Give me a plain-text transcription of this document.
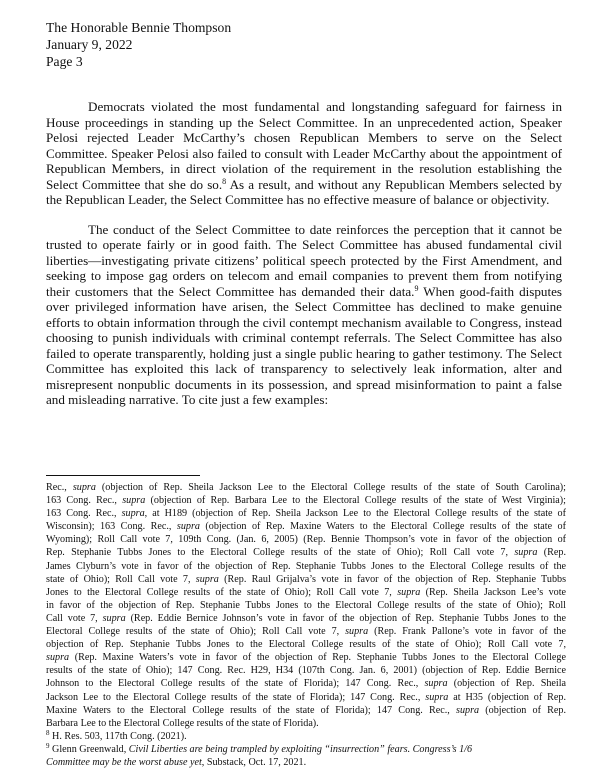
The Honorable Bennie Thompson
January 9, 2022
Page 3

Democrats violated the most fundamental and longstanding safeguard for fairness in House proceedings in standing up the Select Committee. In an unprecedented action, Speaker Pelosi rejected Leader McCarthy’s chosen Republican Members to serve on the Select Committee. Speaker Pelosi also failed to consult with Leader McCarthy about the appointment of Republican Members, in direct violation of the requirement in the resolution establishing the Select Committee that she do so.$^8$ As a result, and without any Republican Members selected by the Republican Leader, the Select Committee has no effective measure of balance or objectivity.

The conduct of the Select Committee to date reinforces the perception that it cannot be trusted to operate fairly or in good faith. The Select Committee has abused fundamental civil liberties—investigating private citizens’ political speech protected by the First Amendment, and seeking to impose gag orders on telecom and email companies to prevent them from notifying their customers that the Select Committee has demanded their data.$^9$ When good-faith disputes over privileged information have arisen, the Select Committee has declined to make genuine efforts to obtain information through the civil contempt mechanism available to Congress, instead choosing to punish individuals with criminal contempt referrals. The Select Committee has also failed to operate transparently, holding just a single public hearing to gather testimony. The Select Committee has exploited this lack of transparency to selectively leak information, alter and misrepresent nonpublic documents in its possession, and spread misinformation to paint a false and misleading narrative. To cite just a few examples:

Rec., supra (objection of Rep. Sheila Jackson Lee to the Electoral College results of the state of South Carolina);
163 Cong. Rec., supra (objection of Rep. Barbara Lee to the Electoral College results of the state of West Virginia);
163 Cong. Rec., supra, at H189 (objection of Rep. Sheila Jackson Lee to the Electoral College results of the state of
Wisconsin); 163 Cong. Rec., supra (objection of Rep. Maxine Waters to the Electoral College results of the state of
Wyoming); Roll Call vote 7, 109th Cong. (Jan. 6, 2005) (Rep. Bennie Thompson’s vote in favor of the objection of
Rep. Stephanie Tubbs Jones to the Electoral College results of the state of Ohio); Roll Call vote 7, supra (Rep.
James Clyburn’s vote in favor of the objection of Rep. Stephanie Tubbs Jones to the Electoral College results of the
state of Ohio); Roll Call vote 7, supra (Rep. Raul Grijalva’s vote in favor of the objection of Rep. Stephanie Tubbs
Jones to the Electoral College results of the state of Ohio); Roll Call vote 7, supra (Rep. Sheila Jackson Lee’s vote
in favor of the objection of Rep. Stephanie Tubbs Jones to the Electoral College results of the state of Ohio); Roll
Call vote 7, supra (Rep. Eddie Bernice Johnson’s vote in favor of the objection of Rep. Stephanie Tubbs Jones to the
Electoral College results of the state of Ohio); Roll Call vote 7, supra (Rep. Frank Pallone’s vote in favor of the
objection of Rep. Stephanie Tubbs Jones to the Electoral College results of the state of Ohio); Roll Call vote 7,
supra (Rep. Maxine Waters’s vote in favor of the objection of Rep. Stephanie Tubbs Jones to the Electoral College
results of the state of Ohio); 147 Cong. Rec. H29, H34 (107th Cong. Jan. 6, 2001) (objection of Rep. Eddie Bernice
Johnson to the Electoral College results of the state of Florida); 147 Cong. Rec., supra (objection of Rep. Sheila
Jackson Lee to the Electoral College results of the state of Florida); 147 Cong. Rec., supra at H35 (objection of Rep.
Maxine Waters to the Electoral College results of the state of Florida); 147 Cong. Rec., supra (objection of Rep.
Barbara Lee to the Electoral College results of the state of Florida).

$^8$ H. Res. 503, 117th Cong. (2021).

$^9$ Glenn Greenwald, Civil Liberties are being trampled by exploiting “insurrection” fears. Congress’s 1/6
Committee may be the worst abuse yet, Substack, Oct. 17, 2021.
